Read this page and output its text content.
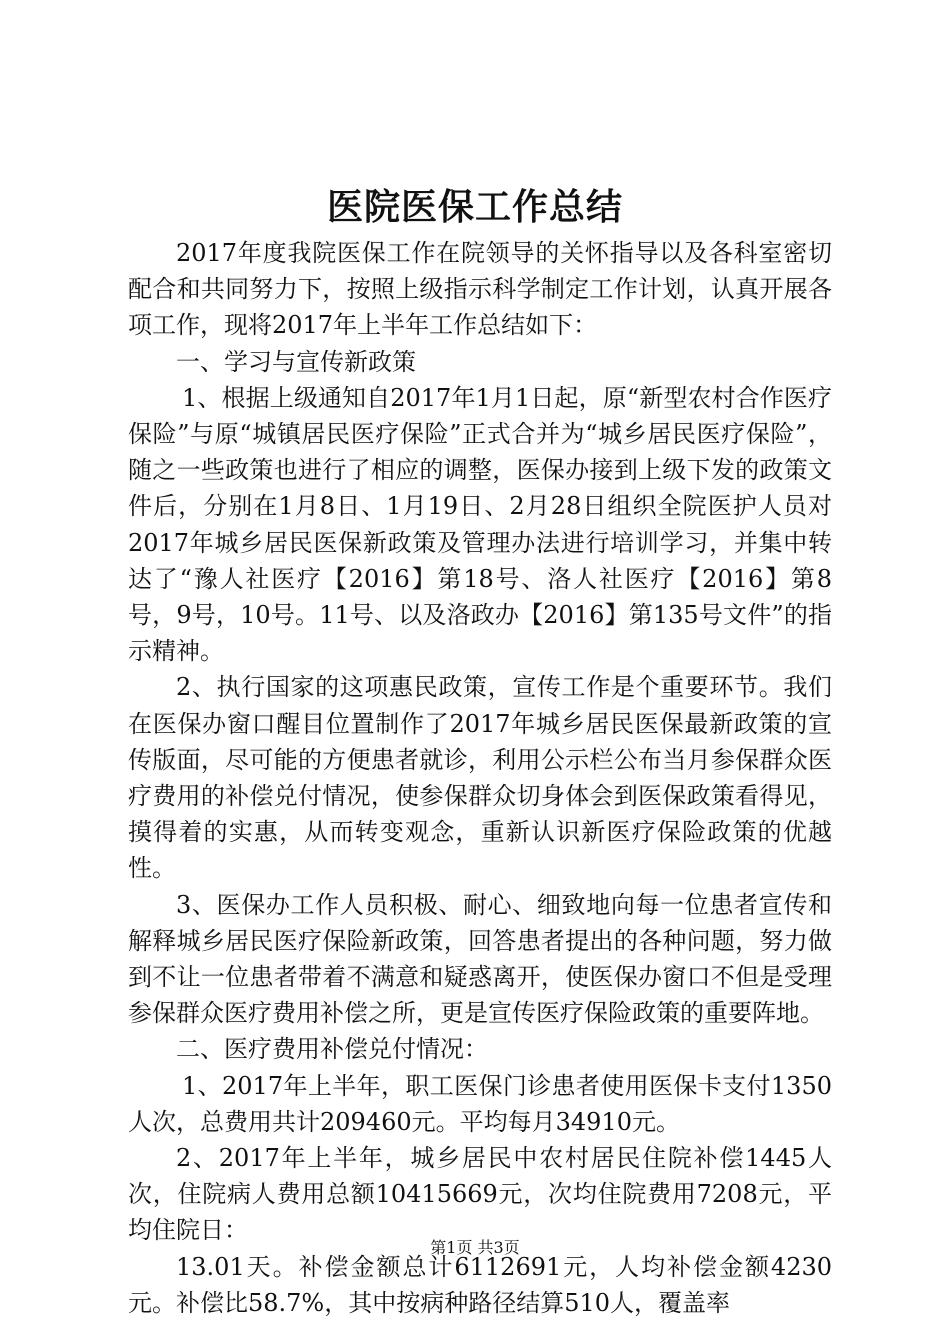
医院医保工作总结

2017年度我院医保工作在院领导的关怀指导以及各科室密切配合和共同努力下，按照上级指示科学制定工作计划，认真开展各项工作，现将2017年上半年工作总结如下：

一、学习与宣传新政策

1、根据上级通知自2017年1月1日起，原“新型农村合作医疗保险”与原“城镇居民医疗保险”正式合并为“城乡居民医疗保险”，随之一些政策也进行了相应的调整，医保办接到上级下发的政策文件后，分别在1月8日、1月19日、2月28日组织全院医护人员对2017年城乡居民医保新政策及管理办法进行培训学习，并集中转达了“豫人社医疗【2016】第18号、洛人社医疗【2016】第8号，9号，10号。11号、以及洛政办【2016】第135号文件”的指示精神。

2、执行国家的这项惠民政策，宣传工作是个重要环节。我们在医保办窗口醒目位置制作了2017年城乡居民医保最新政策的宣传版面，尽可能的方便患者就诊，利用公示栏公布当月参保群众医疗费用的补偿兑付情况，使参保群众切身体会到医保政策看得见，摸得着的实惠，从而转变观念，重新认识新医疗保险政策的优越性。

3、医保办工作人员积极、耐心、细致地向每一位患者宣传和解释城乡居民医疗保险新政策，回答患者提出的各种问题，努力做到不让一位患者带着不满意和疑惑离开，使医保办窗口不但是受理参保群众医疗费用补偿之所，更是宣传医疗保险政策的重要阵地。

二、医疗费用补偿兑付情况：

1、2017年上半年，职工医保门诊患者使用医保卡支付1350人次，总费用共计209460元。平均每月34910元。

2、2017年上半年，城乡居民中农村居民住院补偿1445人次，住院病人费用总额10415669元，次均住院费用7208元，平均住院日：

13.01天。补偿金额总计6112691元，人均补偿金额4230元。补偿比58.7%，其中按病种路径结算510人，覆盖率

第1页 共3页
